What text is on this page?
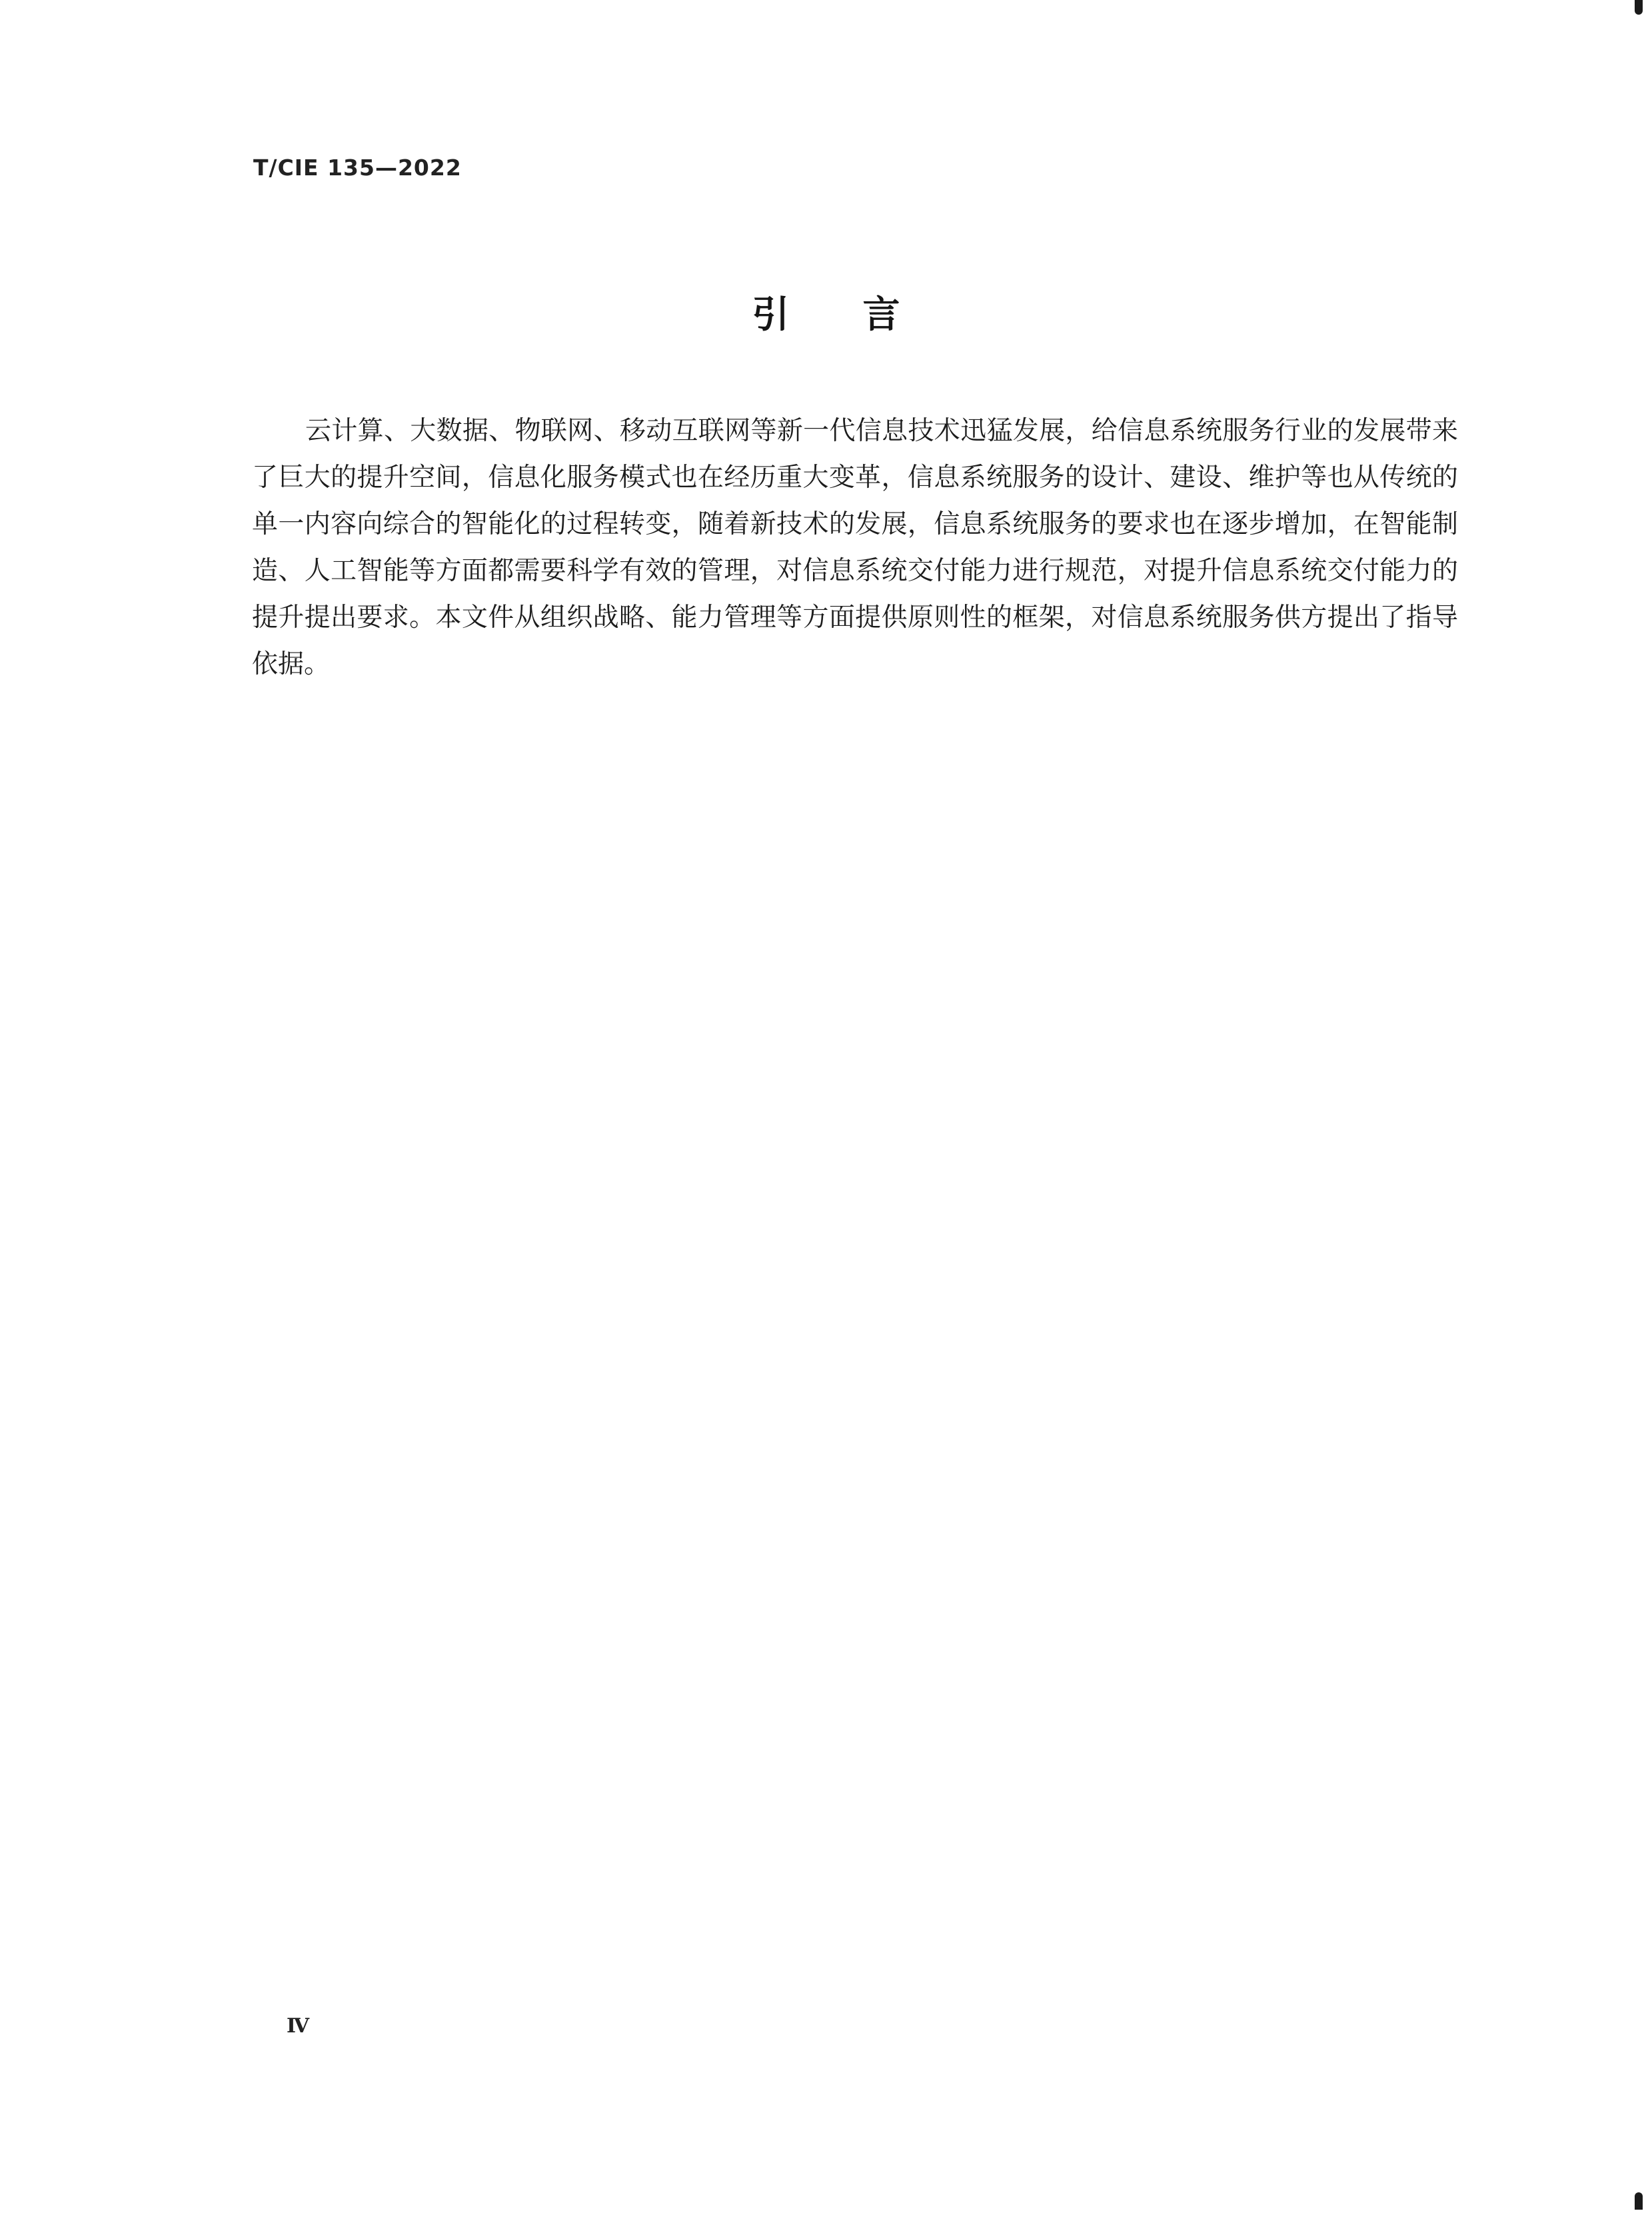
T/CIE 135—2022
引言
云计算、大数据、物联网、移动互联网等新一代信息技术迅猛发展，给信息系统服务行业的发展带来了巨大的提升空间，信息化服务模式也在经历重大变革，信息系统服务的设计、建设、维护等也从传统的单一内容向综合的智能化的过程转变，随着新技术的发展，信息系统服务的要求也在逐步增加，在智能制造、人工智能等方面都需要科学有效的管理，对信息系统交付能力进行规范，对提升信息系统交付能力的提升提出要求。本文件从组织战略、能力管理等方面提供原则性的框架，对信息系统服务供方提出了指导依据。
Ⅳ
